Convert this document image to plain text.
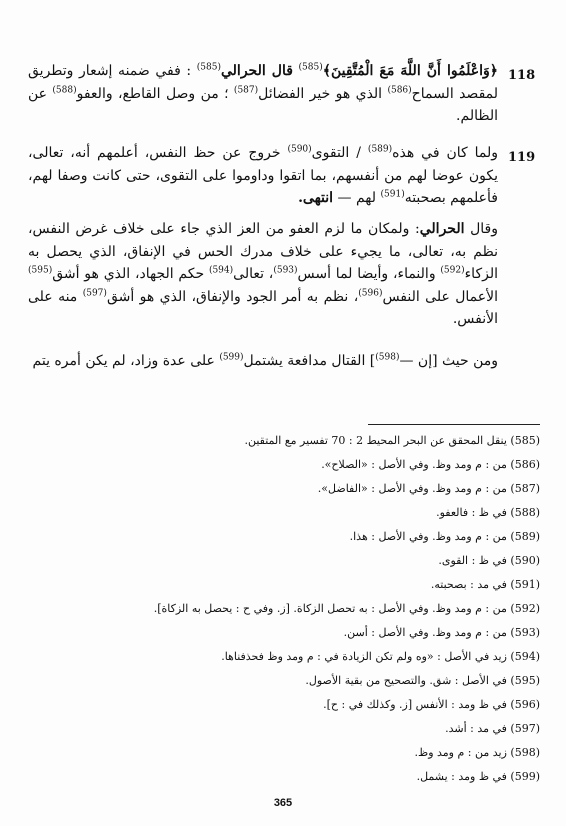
118
﴿وَاعْلَمُوا أَنَّ اللَّهَ مَعَ الْمُتَّقِينَ﴾$^{(585)}$ قال الحرالي$^{(585)}$ : ففي ضمنه إشعار وتطريق لمقصد السماح$^{(586)}$ الذي هو خير الفضائل$^{(587)}$ ؛ من وصل القاطع، والعفو$^{(588)}$ عن الظالم.
119
ولما كان في هذه$^{(589)}$ / التقوى$^{(590)}$ خروج عن حظ النفس، أعلمهم أنه، تعالى، يكون عوضا لهم من أنفسهم، بما اتقوا وداوموا على التقوى، حتى كانت وصفا لهم، فأعلمهم بصحبته$^{(591)}$ لهم — انتهى.
وقال الحرالي: ولمكان ما لزم العفو من العز الذي جاء على خلاف غرض النفس، نظم به، تعالى، ما يجيء على خلاف مدرك الحس في الإنفاق، الذي يحصل به الزكاء$^{(592)}$ والنماء، وأيضا لما أسس$^{(593)}$، تعالى$^{(594)}$ حكم الجهاد، الذي هو أشق$^{(595)}$ الأعمال على النفس$^{(596)}$، نظم به أمر الجود والإنفاق، الذي هو أشق$^{(597)}$ منه على الأنفس.
ومن حيث [إن —$^{(598)}$] القتال مدافعة يشتمل$^{(599)}$ على عدة وزاد، لم يكن أمره يتم
(585) ينقل المحقق عن البحر المحيط 2 : 70 تفسير مع المتقين.
(586) من : م ومد وظ. وفي الأصل : «الصلاح».
(587) من : م ومد وظ. وفي الأصل : «الفاضل».
(588) في ظ : فالعفو.
(589) من : م ومد وظ. وفي الأصل : هذا.
(590) في ظ : القوى.
(591) في مد : بصحبته.
(592) من : م ومد وظ. وفي الأصل : به تحصل الزكاة. [ز. وفي ح : يحصل به الزكاة].
(593) من : م ومد وظ. وفي الأصل : أسن.
(594) زيد في الأصل : «وه ولم تكن الزيادة في : م ومد وظ فحذفناها.
(595) في الأصل : شق. والتصحيح من بقية الأصول.
(596) في ظ ومد : الأنفس [ز. وكذلك في : ح].
(597) في مد : أشد.
(598) زيد من : م ومد وظ.
(599) في ظ ومد : يشمل.
365
